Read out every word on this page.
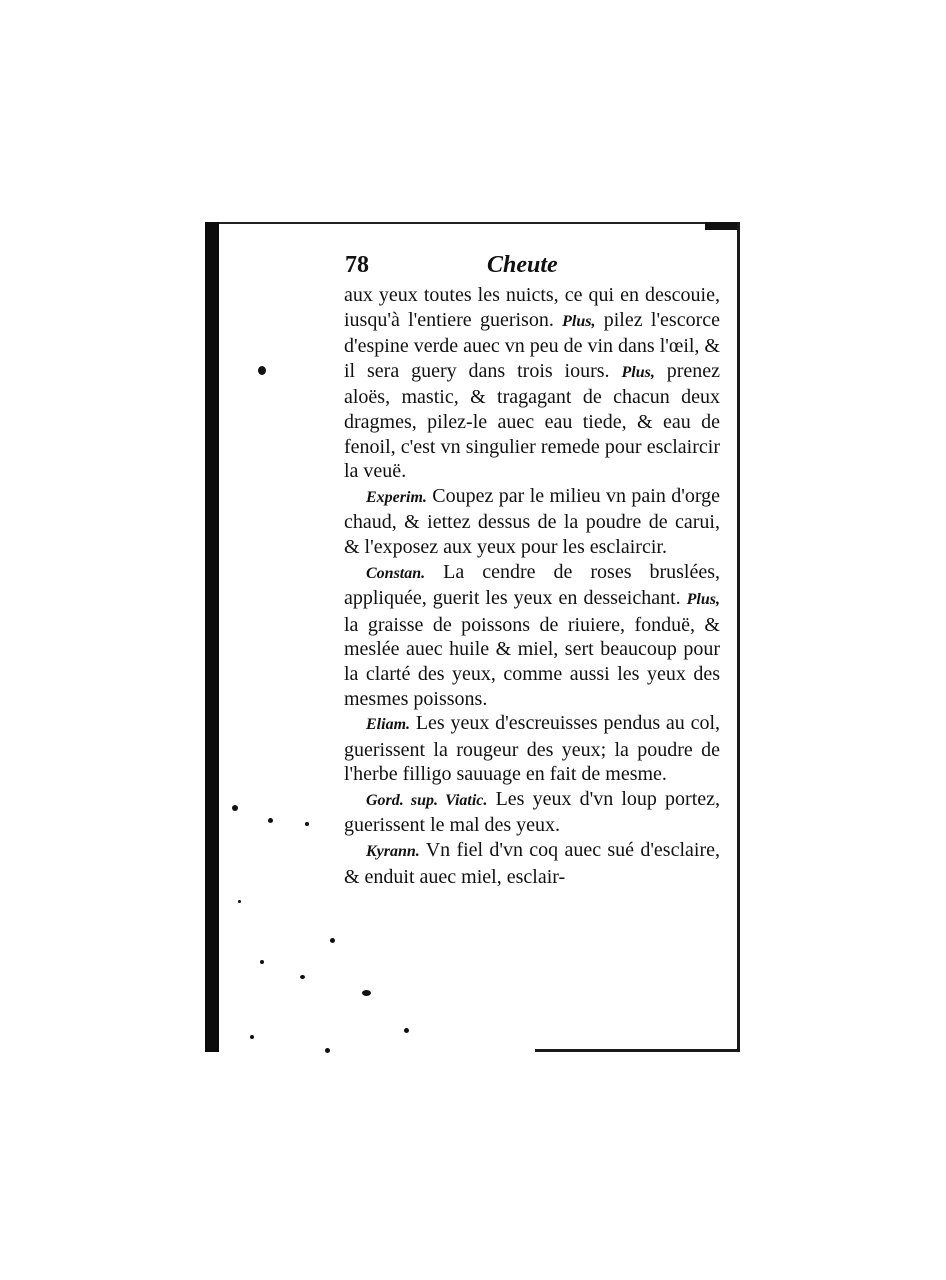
78	Cheute

aux yeux toutes les nuicts, ce qui en descouie, iusqu'à l'entiere guerison. Plus, pilez l'escorce d'espine verde auec vn peu de vin dans l'œil, & il sera guery dans trois iours. Plus, prenez aloës, mastic, & tragagant de chacun deux dragmes, pilez-le auec eau tiede, & eau de fenoil, c'est vn singulier remede pour esclaircir la veuë.

Experim. Coupez par le milieu vn pain d'orge chaud, & iettez dessus de la poudre de carui, & l'exposez aux yeux pour les esclaircir.

Constan. La cendre de roses bruslées, appliquée, guerit les yeux en desseichant. Plus, la graisse de poissons de riuiere, fonduë, & meslée auec huile & miel, sert beaucoup pour la clarté des yeux, comme aussi les yeux des mesmes poissons.

Eliam. Les yeux d'escreuisses pendus au col, guerissent la rougeur des yeux; la poudre de l'herbe filligo sauuage en fait de mesme.

Gord. sup. Viatic. Les yeux d'vn loup portez, guerissent le mal des yeux.

Kyrann. Vn fiel d'vn coq auec sué d'esclaire, & enduit auec miel, esclair-
